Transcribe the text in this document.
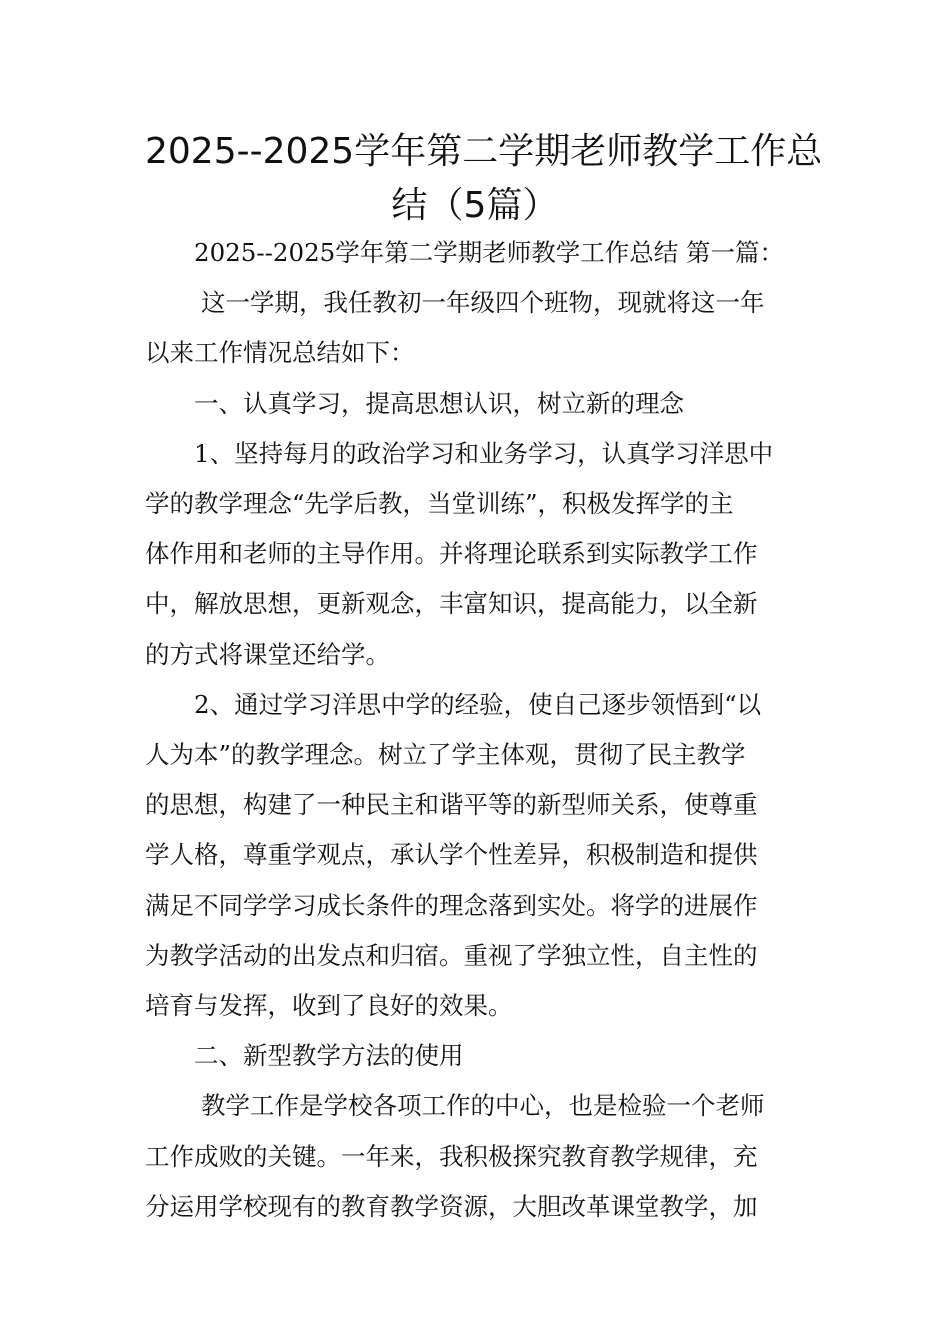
2025--2025学年第二学期老师教学工作总
结（5篇）

2025--2025学年第二学期老师教学工作总结 第一篇：

这一学期，我任教初一年级四个班物，现就将这一年
以来工作情况总结如下：

一、认真学习，提高思想认识，树立新的理念

1、坚持每月的政治学习和业务学习，认真学习洋思中
学的教学理念“先学后教，当堂训练”，积极发挥学的主
体作用和老师的主导作用。并将理论联系到实际教学工作
中，解放思想，更新观念，丰富知识，提高能力，以全新
的方式将课堂还给学。

2、通过学习洋思中学的经验，使自己逐步领悟到“以
人为本”的教学理念。树立了学主体观，贯彻了民主教学
的思想，构建了一种民主和谐平等的新型师关系，使尊重
学人格，尊重学观点，承认学个性差异，积极制造和提供
满足不同学学习成长条件的理念落到实处。将学的进展作
为教学活动的出发点和归宿。重视了学独立性，自主性的
培育与发挥，收到了良好的效果。

二、新型教学方法的使用

教学工作是学校各项工作的中心，也是检验一个老师
工作成败的关键。一年来，我积极探究教育教学规律，充
分运用学校现有的教育教学资源，大胆改革课堂教学，加
